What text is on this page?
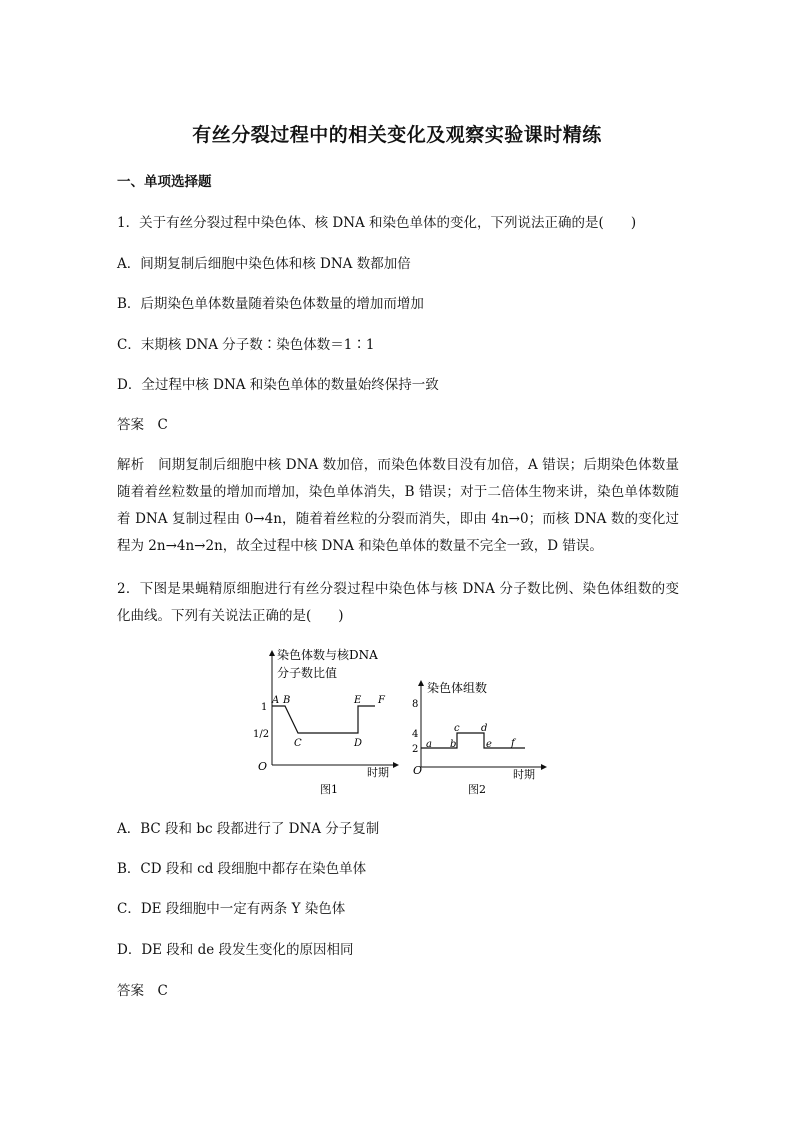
有丝分裂过程中的相关变化及观察实验课时精练
一、单项选择题
1．关于有丝分裂过程中染色体、核 DNA 和染色单体的变化，下列说法正确的是(　　)
A．间期复制后细胞中染色体和核 DNA 数都加倍
B．后期染色单体数量随着染色体数量的增加而增加
C．末期核 DNA 分子数∶染色体数＝1∶1
D．全过程中核 DNA 和染色单体的数量始终保持一致
答案　C
解析　间期复制后细胞中核 DNA 数加倍，而染色体数目没有加倍，A 错误；后期染色体数量随着着丝粒数量的增加而增加，染色单体消失，B 错误；对于二倍体生物来讲，染色单体数随着 DNA 复制过程由 0→4n，随着着丝粒的分裂而消失，即由 4n→0；而核 DNA 数的变化过程为 2n→4n→2n，故全过程中核 DNA 和染色单体的数量不完全一致，D 错误。
2．下图是果蝇精原细胞进行有丝分裂过程中染色体与核 DNA 分子数比例、染色体组数的变化曲线。下列有关说法正确的是(　　)
染色体数与核DNA
分子数比值
时期
O
1
1/2
A B
C	D
E F
图1
染色体组数
时期
O
8
4
2 a b
c d
e f
图2
A．BC 段和 bc 段都进行了 DNA 分子复制
B．CD 段和 cd 段细胞中都存在染色单体
C．DE 段细胞中一定有两条 Y 染色体
D．DE 段和 de 段发生变化的原因相同
答案　C
